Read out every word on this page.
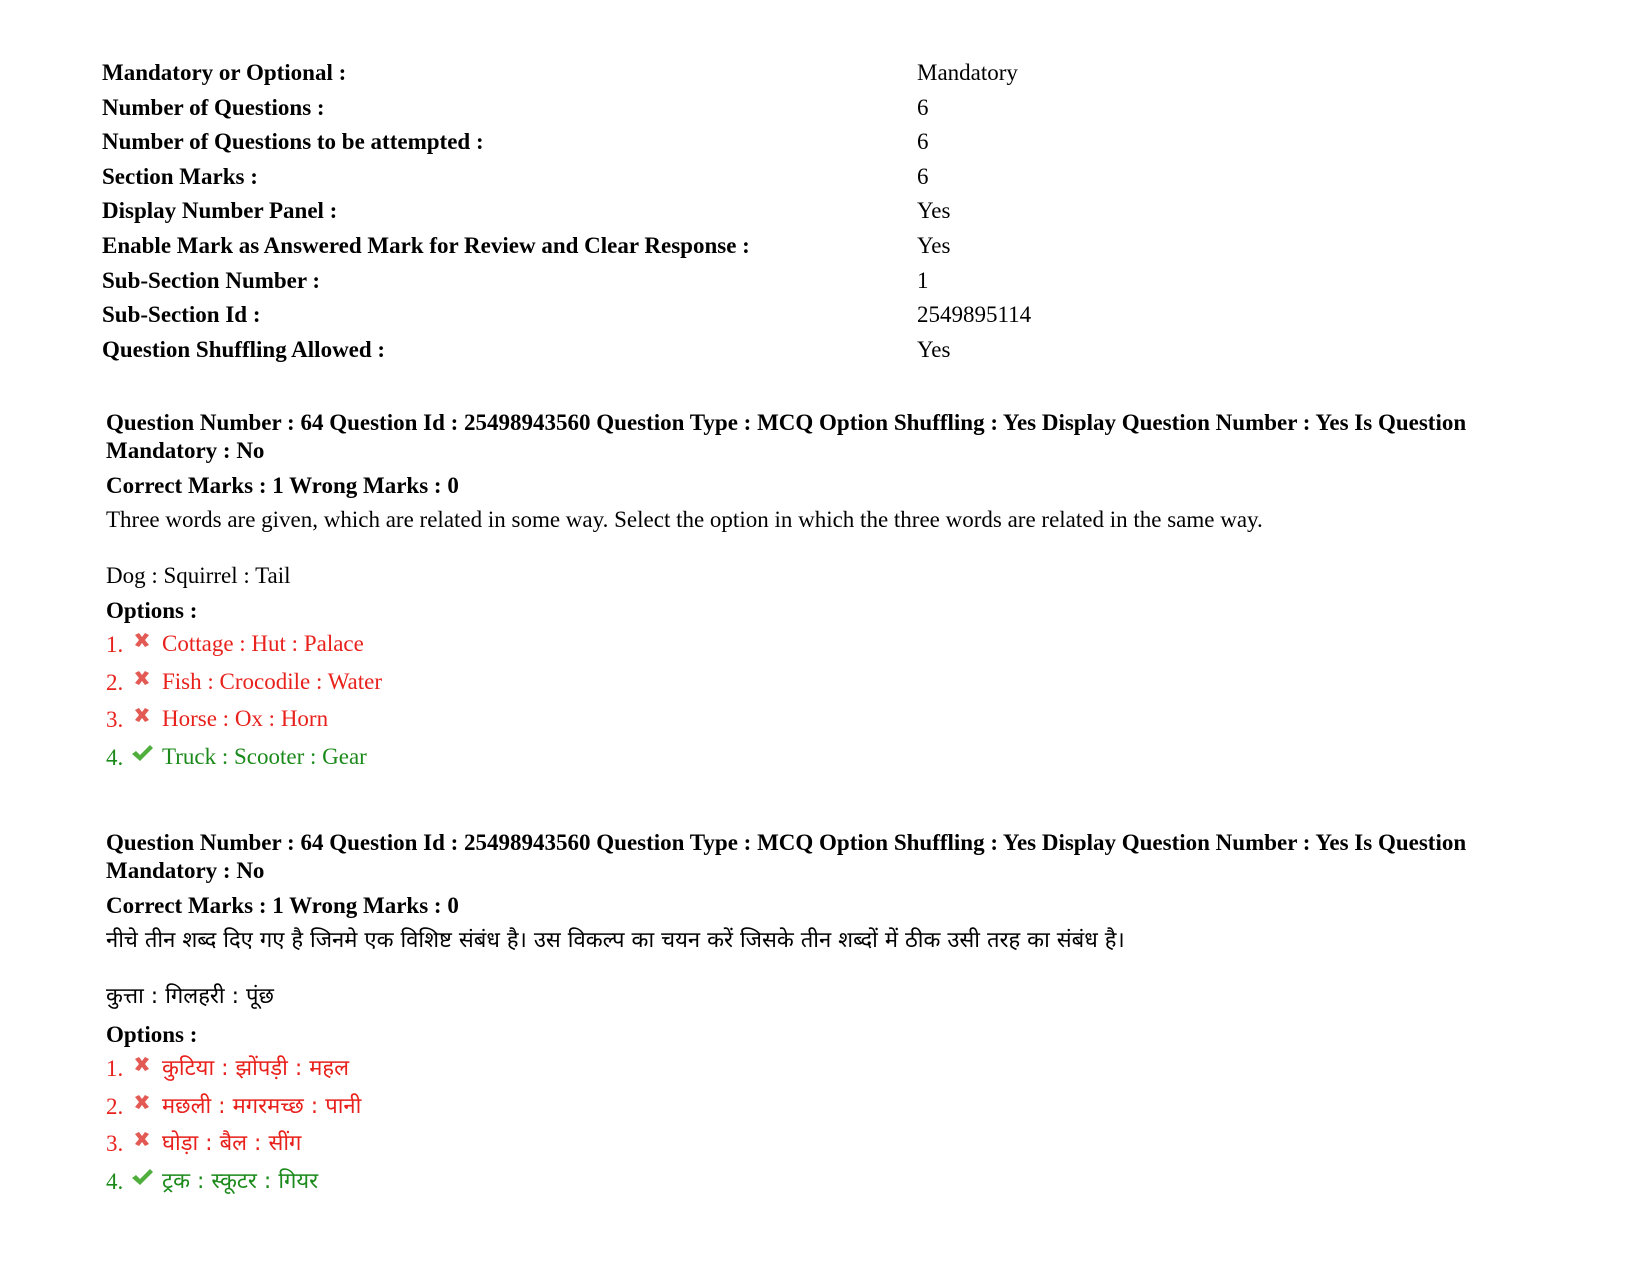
Mandatory or Optional :	Mandatory
Number of Questions :	6
Number of Questions to be attempted :	6
Section Marks :	6
Display Number Panel :	Yes
Enable Mark as Answered Mark for Review and Clear Response :	Yes
Sub-Section Number :	1
Sub-Section Id :	2549895114
Question Shuffling Allowed :	Yes
Question Number : 64 Question Id : 25498943560 Question Type : MCQ Option Shuffling : Yes Display Question Number : Yes Is Question Mandatory : No
Correct Marks : 1 Wrong Marks : 0
Three words are given, which are related in some way. Select the option in which the three words are related in the same way.
Dog : Squirrel : Tail
Options :
1. Cottage : Hut : Palace
2. Fish : Crocodile : Water
3. Horse : Ox : Horn
4. Truck : Scooter : Gear
Question Number : 64 Question Id : 25498943560 Question Type : MCQ Option Shuffling : Yes Display Question Number : Yes Is Question Mandatory : No
Correct Marks : 1 Wrong Marks : 0
नीचे तीन शब्द दिए गए है जिनमे एक विशिष्ट संबंध है। उस विकल्प का चयन करें जिसके तीन शब्दों में ठीक उसी तरह का संबंध है।
कुत्ता : गिलहरी : पूंछ
Options :
1. कुटिया : झोंपड़ी : महल
2. मछली : मगरमच्छ : पानी
3. घोड़ा : बैल : सींग
4. ट्रक : स्कूटर : गियर
